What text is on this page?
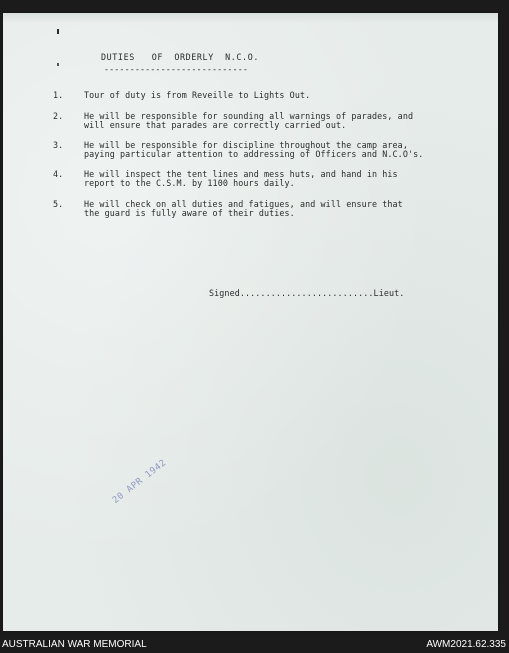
DUTIES   OF  ORDERLY  N.C.O.
----------------------------
1.	Tour of duty is from Reveille to Lights Out.
2.	He will be responsible for sounding all warnings of parades, and
will ensure that parades are correctly carried out.
3.	He will be responsible for discipline throughout the camp area,
paying particular attention to addressing of Officers and N.C.O's.
4.	He will inspect the tent lines and mess huts, and hand in his
report to the C.S.M. by 1100 hours daily.
5.	He will check on all duties and fatigues, and will ensure that
the guard is fully aware of their duties.
Signed..........................Lieut.
20 APR 1942
AUSTRALIAN WAR MEMORIAL	AWM2021.62.335
